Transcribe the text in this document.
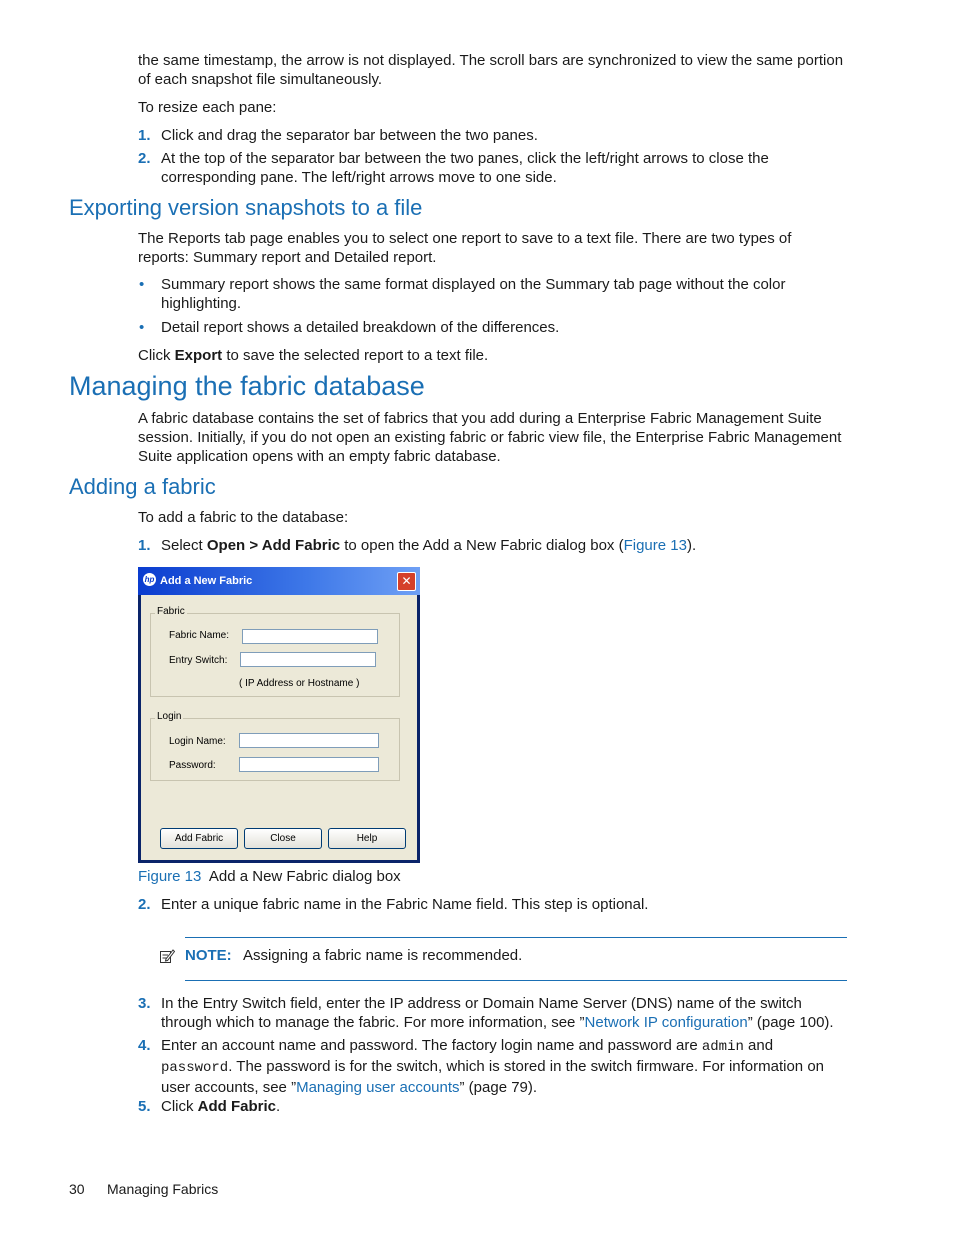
the same timestamp, the arrow is not displayed. The scroll bars are synchronized to view the same portion of each snapshot file simultaneously.

To resize each pane:

1. Click and drag the separator bar between the two panes.
2. At the top of the separator bar between the two panes, click the left/right arrows to close the corresponding pane. The left/right arrows move to one side.
Exporting version snapshots to a file

The Reports tab page enables you to select one report to save to a text file. There are two types of reports: Summary report and Detailed report.

• Summary report shows the same format displayed on the Summary tab page without the color highlighting.
• Detail report shows a detailed breakdown of the differences.

Click Export to save the selected report to a text file.

Managing the fabric database

A fabric database contains the set of fabrics that you add during a Enterprise Fabric Management Suite session. Initially, if you do not open an existing fabric or fabric view file, the Enterprise Fabric Management Suite application opens with an empty fabric database.

Adding a fabric

To add a fabric to the database:

1. Select Open > Add Fabric to open the Add a New Fabric dialog box (Figure 13).
hp Add a New Fabric	✕
Fabric
Fabric Name:
Entry Switch:
( IP Address or Hostname )
Login
Login Name:
Password:
Add Fabric	Close	Help
Figure 13 Add a New Fabric dialog box
2. Enter a unique fabric name in the Fabric Name field. This step is optional.
NOTE: Assigning a fabric name is recommended.
3. In the Entry Switch field, enter the IP address or Domain Name Server (DNS) name of the switch through which to manage the fabric. For more information, see ”Network IP configuration” (page 100).
4. Enter an account name and password. The factory login name and password are admin and password. The password is for the switch, which is stored in the switch firmware. For information on user accounts, see ”Managing user accounts” (page 79).
5. Click Add Fabric.
30 Managing Fabrics
